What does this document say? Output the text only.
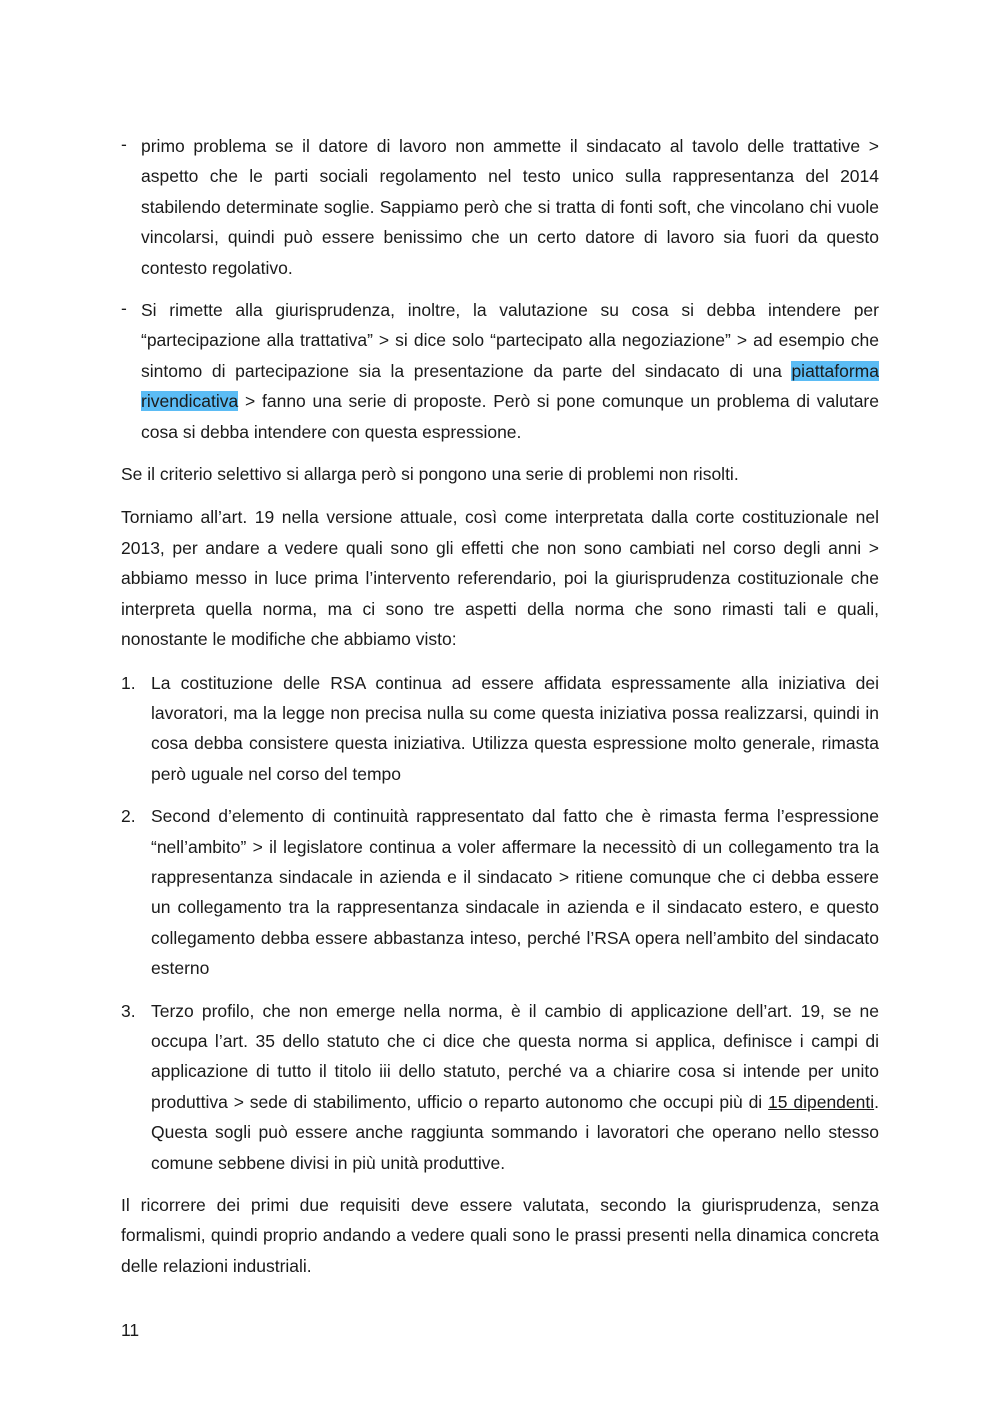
- primo problema se il datore di lavoro non ammette il sindacato al tavolo delle trattative > aspetto che le parti sociali regolamento nel testo unico sulla rappresentanza del 2014 stabilendo determinate soglie. Sappiamo però che si tratta di fonti soft, che vincolano chi vuole vincolarsi, quindi può essere benissimo che un certo datore di lavoro sia fuori da questo contesto regolativo.

- Si rimette alla giurisprudenza, inoltre, la valutazione su cosa si debba intendere per “partecipazione alla trattativa” > si dice solo “partecipato alla negoziazione” > ad esempio che sintomo di partecipazione sia la presentazione da parte del sindacato di una piattaforma rivendicativa > fanno una serie di proposte. Però si pone comunque un problema di valutare cosa si debba intendere con questa espressione.

Se il criterio selettivo si allarga però si pongono una serie di problemi non risolti.

Torniamo all’art. 19 nella versione attuale, così come interpretata dalla corte costituzionale nel 2013, per andare a vedere quali sono gli effetti che non sono cambiati nel corso degli anni > abbiamo messo in luce prima l’intervento referendario, poi la giurisprudenza costituzionale che interpreta quella norma, ma ci sono tre aspetti della norma che sono rimasti tali e quali, nonostante le modifiche che abbiamo visto:

1. La costituzione delle RSA continua ad essere affidata espressamente alla iniziativa dei lavoratori, ma la legge non precisa nulla su come questa iniziativa possa realizzarsi, quindi in cosa debba consistere questa iniziativa. Utilizza questa espressione molto generale, rimasta però uguale nel corso del tempo

2. Second d’elemento di continuità rappresentato dal fatto che è rimasta ferma l’espressione “nell’ambito” > il legislatore continua a voler affermare la necessitò di un collegamento tra la rappresentanza sindacale in azienda e il sindacato > ritiene comunque che ci debba essere un collegamento tra la rappresentanza sindacale in azienda e il sindacato estero, e questo collegamento debba essere abbastanza inteso, perché l’RSA opera nell’ambito del sindacato esterno

3. Terzo profilo, che non emerge nella norma, è il cambio di applicazione dell’art. 19, se ne occupa l’art. 35 dello statuto che ci dice che questa norma si applica, definisce i campi di applicazione di tutto il titolo iii dello statuto, perché va a chiarire cosa si intende per unito produttiva > sede di stabilimento, ufficio o reparto autonomo che occupi più di 15 dipendenti. Questa sogli può essere anche raggiunta sommando i lavoratori che operano nello stesso comune sebbene divisi in più unità produttive.

Il ricorrere dei primi due requisiti deve essere valutata, secondo la giurisprudenza, senza formalismi, quindi proprio andando a vedere quali sono le prassi presenti nella dinamica concreta delle relazioni industriali.

11
